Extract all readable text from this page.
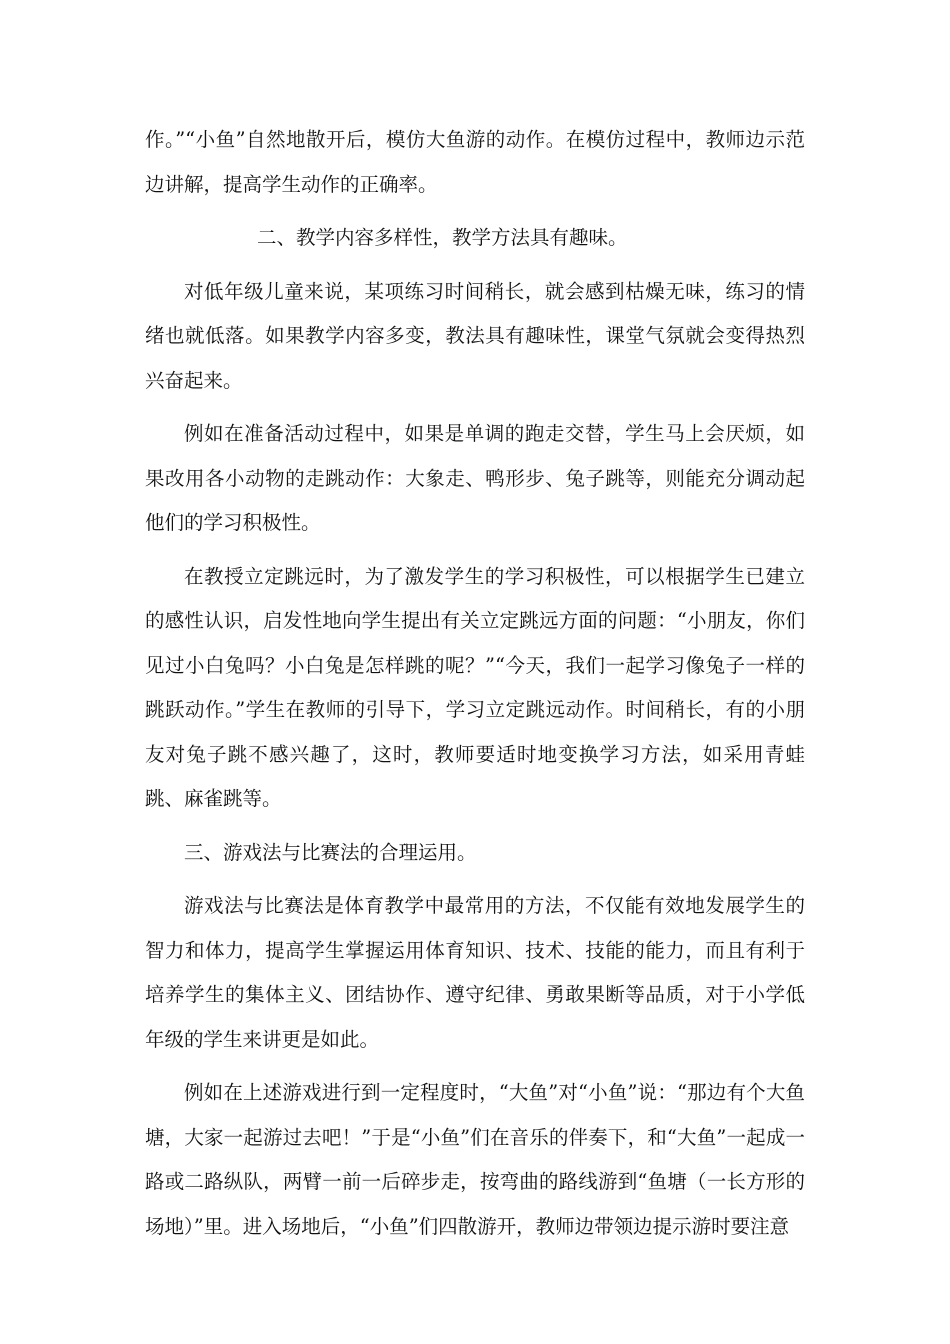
作。”“小鱼”自然地散开后，模仿大鱼游的动作。在模仿过程中，教师边示范边讲解，提高学生动作的正确率。

二、教学内容多样性，教学方法具有趣味。

对低年级儿童来说，某项练习时间稍长，就会感到枯燥无味，练习的情绪也就低落。如果教学内容多变，教法具有趣味性，课堂气氛就会变得热烈兴奋起来。

例如在准备活动过程中，如果是单调的跑走交替，学生马上会厌烦，如果改用各小动物的走跳动作：大象走、鸭形步、兔子跳等，则能充分调动起他们的学习积极性。

在教授立定跳远时，为了激发学生的学习积极性，可以根据学生已建立的感性认识，启发性地向学生提出有关立定跳远方面的问题：“小朋友，你们见过小白兔吗？小白兔是怎样跳的呢？”“今天，我们一起学习像兔子一样的跳跃动作。”学生在教师的引导下，学习立定跳远动作。时间稍长，有的小朋友对兔子跳不感兴趣了，这时，教师要适时地变换学习方法，如采用青蛙跳、麻雀跳等。

三、游戏法与比赛法的合理运用。

游戏法与比赛法是体育教学中最常用的方法，不仅能有效地发展学生的智力和体力，提高学生掌握运用体育知识、技术、技能的能力，而且有利于培养学生的集体主义、团结协作、遵守纪律、勇敢果断等品质，对于小学低年级的学生来讲更是如此。

例如在上述游戏进行到一定程度时，“大鱼”对“小鱼”说：“那边有个大鱼塘，大家一起游过去吧！”于是“小鱼”们在音乐的伴奏下，和“大鱼”一起成一路或二路纵队，两臂一前一后碎步走，按弯曲的路线游到“鱼塘（一长方形的场地）”里。进入场地后，“小鱼”们四散游开，教师边带领边提示游时要注意
